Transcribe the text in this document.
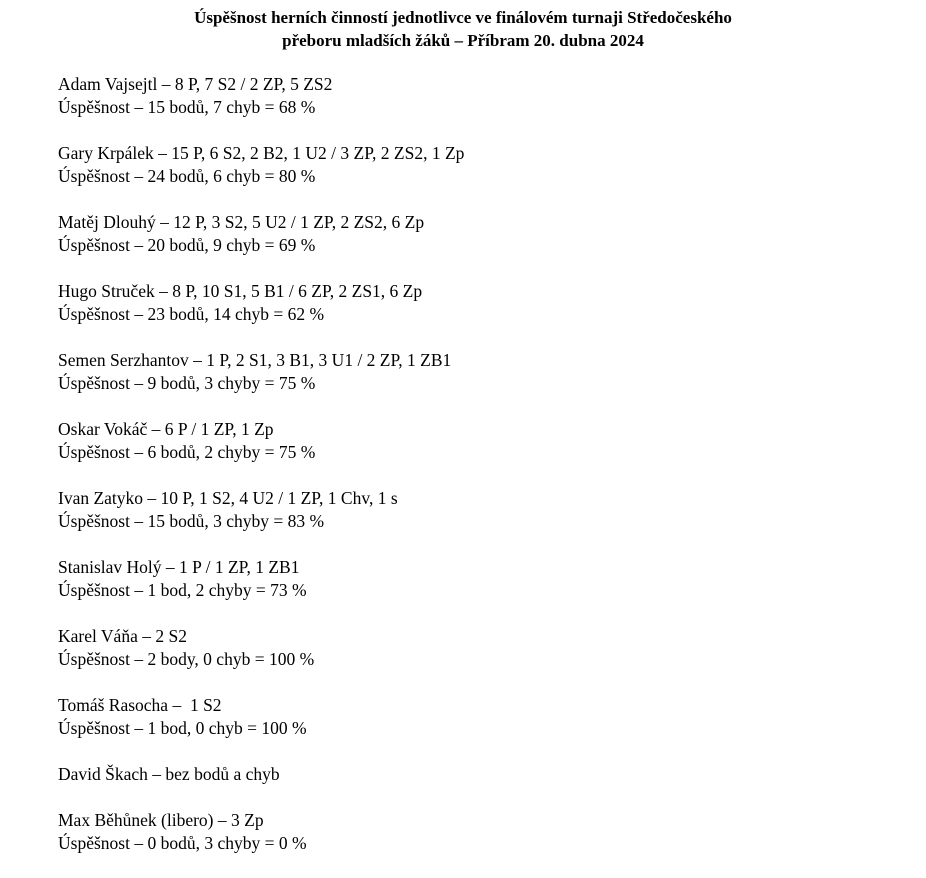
Úspěšnost herních činností jednotlivce ve finálovém turnaji Středočeského
přeboru mladších žáků – Příbram 20. dubna 2024
Adam Vajsejtl – 8 P, 7 S2 / 2 ZP, 5 ZS2
Úspěšnost – 15 bodů, 7 chyb = 68 %
Gary Krpálek – 15 P, 6 S2, 2 B2, 1 U2 / 3 ZP, 2 ZS2, 1 Zp
Úspěšnost – 24 bodů, 6 chyb = 80 %
Matěj Dlouhý – 12 P, 3 S2, 5 U2 / 1 ZP, 2 ZS2, 6 Zp
Úspěšnost – 20 bodů, 9 chyb = 69 %
Hugo Struček – 8 P, 10 S1, 5 B1 / 6 ZP, 2 ZS1, 6 Zp
Úspěšnost – 23 bodů, 14 chyb = 62 %
Semen Serzhantov – 1 P, 2 S1, 3 B1, 3 U1 / 2 ZP, 1 ZB1
Úspěšnost – 9 bodů, 3 chyby = 75 %
Oskar Vokáč – 6 P / 1 ZP, 1 Zp
Úspěšnost – 6 bodů, 2 chyby = 75 %
Ivan Zatyko – 10 P, 1 S2, 4 U2 / 1 ZP, 1 Chv, 1 s
Úspěšnost – 15 bodů, 3 chyby = 83 %
Stanislav Holý – 1 P / 1 ZP, 1 ZB1
Úspěšnost – 1 bod, 2 chyby = 73 %
Karel Váňa – 2 S2
Úspěšnost – 2 body, 0 chyb = 100 %
Tomáš Rasocha –  1 S2
Úspěšnost – 1 bod, 0 chyb = 100 %
David Škach – bez bodů a chyb
Max Běhůnek (libero) – 3 Zp
Úspěšnost – 0 bodů, 3 chyby = 0 %
